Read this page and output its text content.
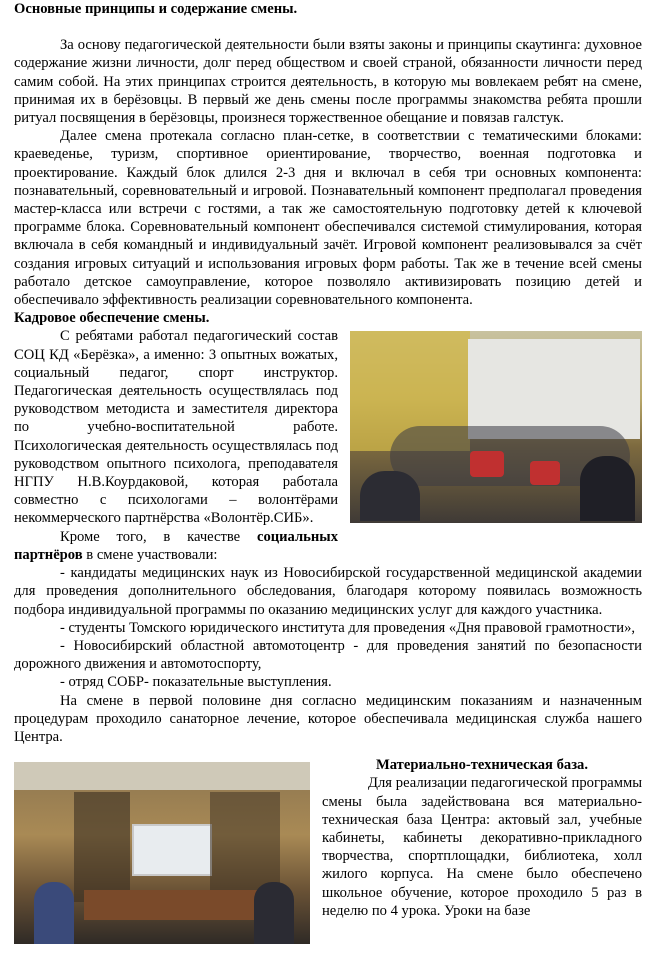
Основные принципы и содержание смены.

За основу педагогической деятельности были взяты законы и принципы скаутинга: духовное содержание жизни личности, долг перед обществом и своей страной, обязанности личности перед самим собой. На этих принципах строится деятельность, в которую мы вовлекаем ребят на смене, принимая их в берёзовцы. В первый же день смены после программы знакомства ребята прошли ритуал посвящения в берёзовцы, произнеся торжественное обещание и повязав галстук.

Далее смена протекала согласно план-сетке, в соответствии с тематическими блоками: краеведенье, туризм, спортивное ориентирование, творчество, военная подготовка и проектирование. Каждый блок длился 2-3 дня и включал в себя три основных компонента: познавательный, соревновательный и игровой. Познавательный компонент предполагал проведения мастер-класса или встречи с гостями, а так же самостоятельную подготовку детей к ключевой программе блока. Соревновательный компонент обеспечивался системой стимулирования, которая включала в себя командный и индивидуальный зачёт. Игровой компонент реализовывался за счёт создания игровых ситуаций и использования игровых форм работы. Так же в течение всей смены работало детское самоуправление, которое позволяло активизировать позицию детей и обеспечивало эффективность реализации соревновательного компонента.

Кадровое обеспечение смены.

С ребятами работал педагогический состав СОЦ КД «Берёзка», а именно: 3 опытных вожатых, социальный педагог, спорт инструктор. Педагогическая деятельность осуществлялась под руководством методиста и заместителя директора по учебно-воспитательной работе. Психологическая деятельность осуществлялась под руководством опытного психолога, преподавателя НГПУ Н.В.Коурдаковой, которая работала совместно с психологами – волонтёрами некоммерческого партнёрства «Волонтёр.СИБ».

Кроме того, в качестве социальных партнёров в смене участвовали:

- кандидаты медицинских наук из Новосибирской государственной медицинской академии для проведения дополнительного обследования, благодаря которому появилась возможность подбора индивидуальной программы по оказанию медицинских услуг для каждого участника.

- студенты Томского юридического института для проведения «Дня правовой грамотности»,

- Новосибирский областной автомотоцентр - для проведения занятий по безопасности дорожного движения и автомотоспорту,

- отряд СОБР- показательные выступления.

На смене в первой половине дня согласно медицинским показаниям и назначенным процедурам проходило санаторное лечение, которое обеспечивала медицинская служба нашего Центра.

Материально-техническая база.

Для реализации педагогической программы смены была задействована вся материально-техническая база Центра: актовый зал, учебные кабинеты, кабинеты декоративно-прикладного творчества, спортплощадки, библиотека, холл жилого корпуса. На смене было обеспечено школьное обучение, которое проходило 5 раз в неделю по 4 урока. Уроки на базе
